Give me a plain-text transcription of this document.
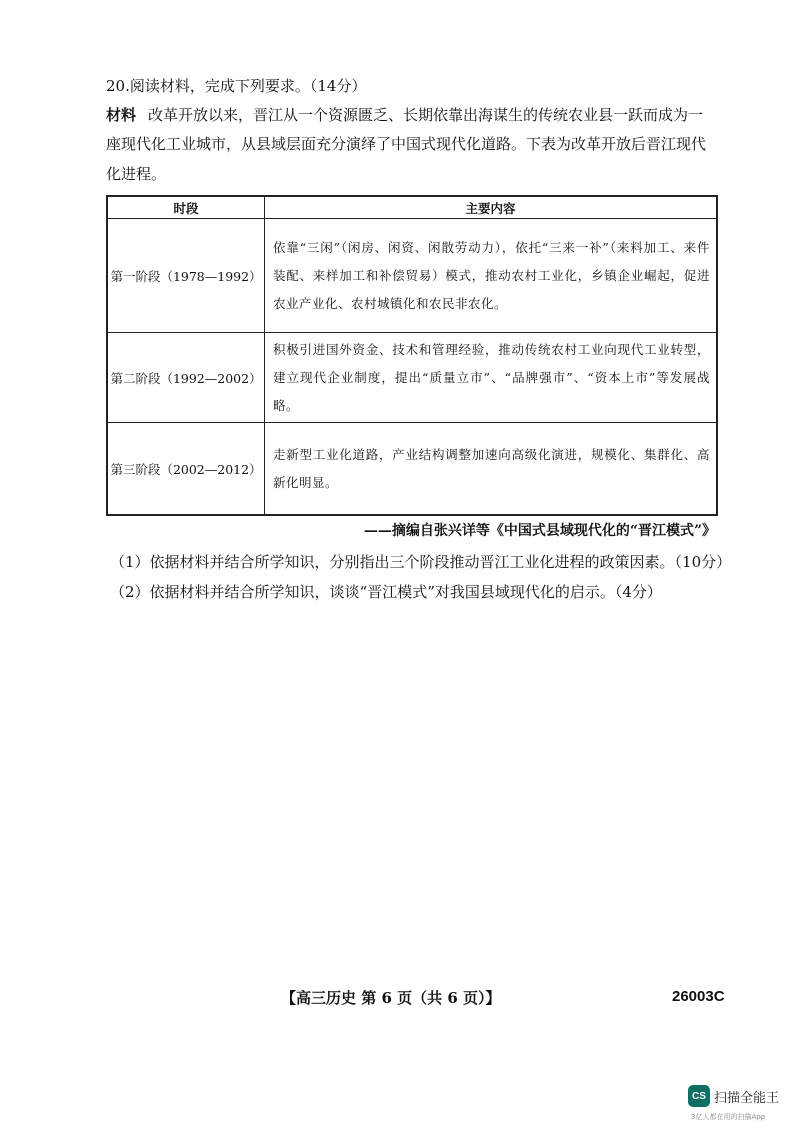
20.阅读材料，完成下列要求。（14分）
材料 改革开放以来，晋江从一个资源匮乏、长期依靠出海谋生的传统农业县一跃而成为一
座现代化工业城市，从县域层面充分演绎了中国式现代化道路。下表为改革开放后晋江现代
化进程。
时段	主要内容
第一阶段（1978—1992）	依靠“三闲”（闲房、闲资、闲散劳动力），依托“三来一补”（来料加工、来件装配、来样加工和补偿贸易）模式，推动农村工业化，乡镇企业崛起，促进农业产业化、农村城镇化和农民非农化。

第二阶段（1992—2002）	积极引进国外资金、技术和管理经验，推动传统农村工业向现代工业转型，建立现代企业制度，提出“质量立市”、“品牌强市”、“资本上市”等发展战略。

第三阶段（2002—2012）	走新型工业化道路，产业结构调整加速向高级化演进，规模化、集群化、高新化明显。
——摘编自张兴详等《中国式县域现代化的“晋江模式”》
（1）依据材料并结合所学知识，分别指出三个阶段推动晋江工业化进程的政策因素。（10分）
（2）依据材料并结合所学知识，谈谈“晋江模式”对我国县域现代化的启示。（4分）
【高三历史 第 6 页（共 6 页）】	26003C
CS 扫描全能王
3亿人都在用的扫描App
